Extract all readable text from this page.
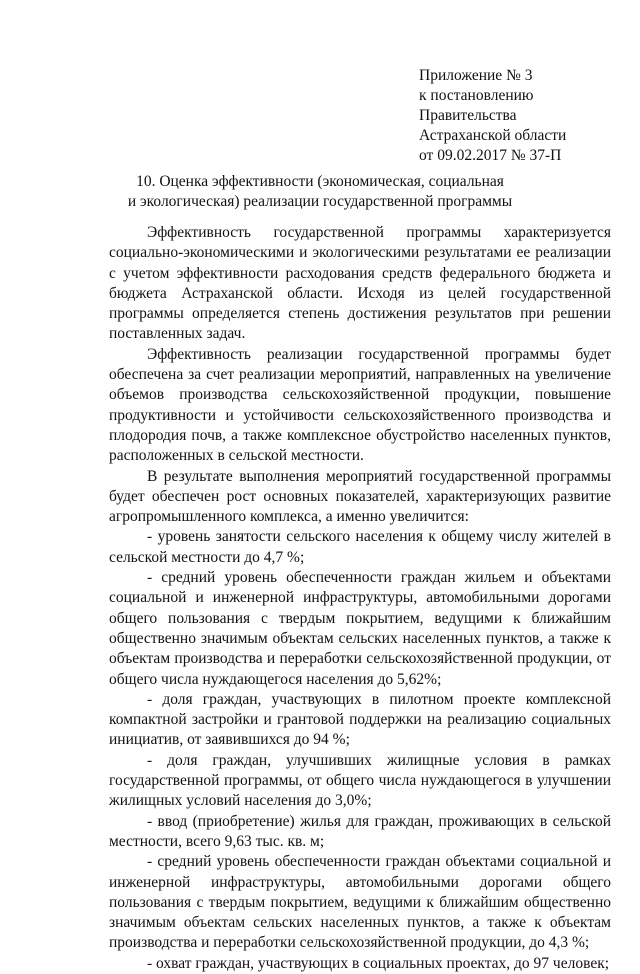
Приложение № 3
к постановлению
Правительства
Астраханской области
от 09.02.2017 № 37-П
10. Оценка эффективности (экономическая, социальная
и экологическая) реализации государственной программы

Эффективность государственной программы характеризуется социально-экономическими и экологическими результатами ее реализации с учетом эффективности расходования средств федерального бюджета и бюджета Астраханской области. Исходя из целей государственной программы определяется степень достижения результатов при решении поставленных задач.

Эффективность реализации государственной программы будет обеспечена за счет реализации мероприятий, направленных на увеличение объемов производства сельскохозяйственной продукции, повышение продуктивности и устойчивости сельскохозяйственного производства и плодородия почв, а также комплексное обустройство населенных пунктов, расположенных в сельской местности.

В результате выполнения мероприятий государственной программы будет обеспечен рост основных показателей, характеризующих развитие агропромышленного комплекса, а именно увеличится:

- уровень занятости сельского населения к общему числу жителей в сельской местности до 4,7 %;

- средний уровень обеспеченности граждан жильем и объектами социальной и инженерной инфраструктуры, автомобильными дорогами общего пользования с твердым покрытием, ведущими к ближайшим общественно значимым объектам сельских населенных пунктов, а также к объектам производства и переработки сельскохозяйственной продукции, от общего числа нуждающегося населения до 5,62%;

- доля граждан, участвующих в пилотном проекте комплексной компактной застройки и грантовой поддержки на реализацию социальных инициатив, от заявившихся до 94 %;

- доля граждан, улучшивших жилищные условия в рамках государственной программы, от общего числа нуждающегося в улучшении жилищных условий населения до 3,0%;

- ввод (приобретение) жилья для граждан, проживающих в сельской местности, всего 9,63 тыс. кв. м;

- средний уровень обеспеченности граждан объектами социальной и инженерной инфраструктуры, автомобильными дорогами общего пользования с твердым покрытием, ведущими к ближайшим общественно значимым объектам сельских населенных пунктов, а также к объектам производства и переработки сельскохозяйственной продукции, до 4,3 %;

- охват граждан, участвующих в социальных проектах, до 97 человек;
